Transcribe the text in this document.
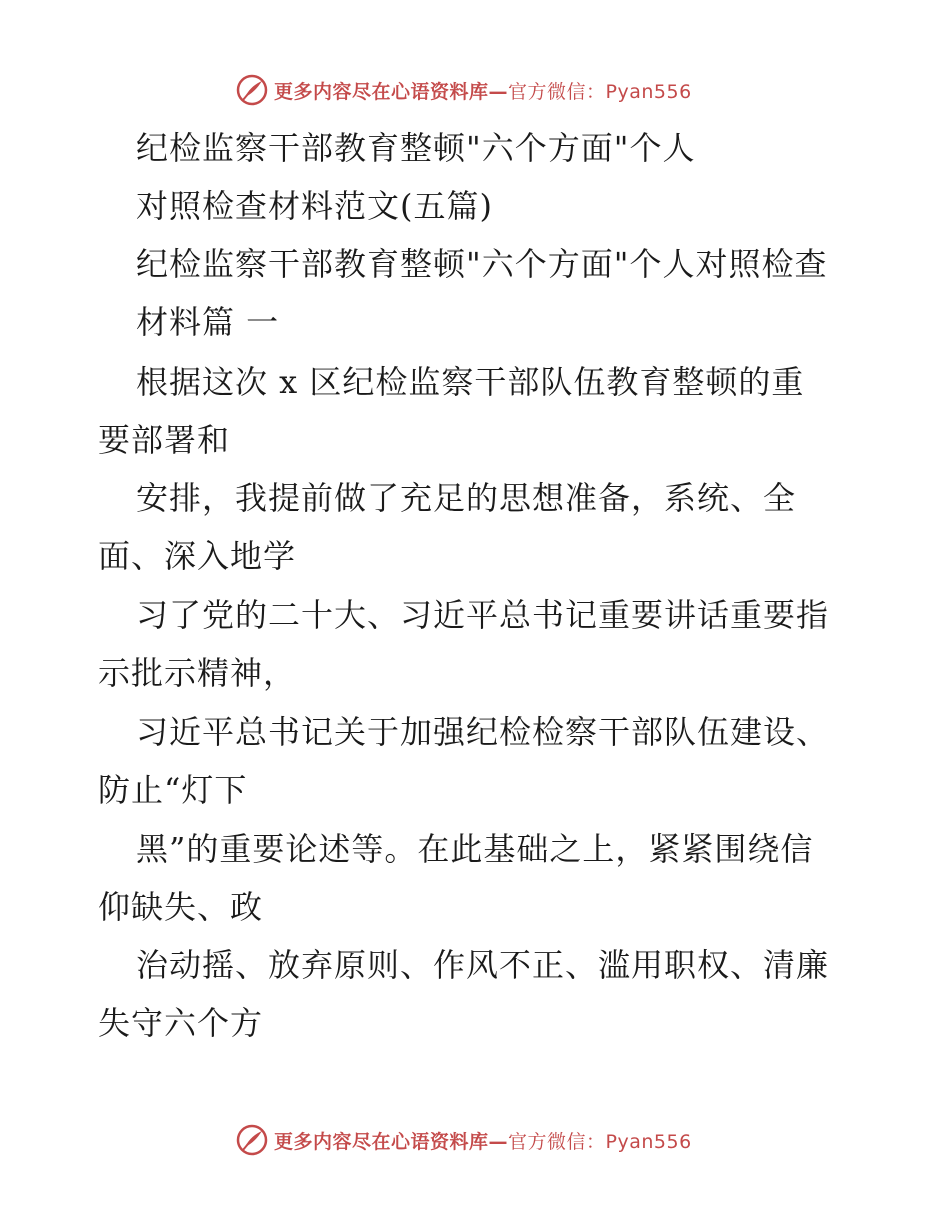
更多内容尽在心语资料库—官方微信：Pyan556
纪检监察干部教育整顿"六个方面"个人
对照检查材料范文(五篇)
纪检监察干部教育整顿"六个方面"个人对照检查
材料篇 一
根据这次 x 区纪检监察干部队伍教育整顿的重
要部署和
安排，我提前做了充足的思想准备，系统、全
面、深入地学
习了党的二十大、习近平总书记重要讲话重要指
示批示精神，
习近平总书记关于加强纪检检察干部队伍建设、
防止“灯下
黑”的重要论述等。在此基础之上，紧紧围绕信
仰缺失、政
治动摇、放弃原则、作风不正、滥用职权、清廉
失守六个方
更多内容尽在心语资料库—官方微信：Pyan556
